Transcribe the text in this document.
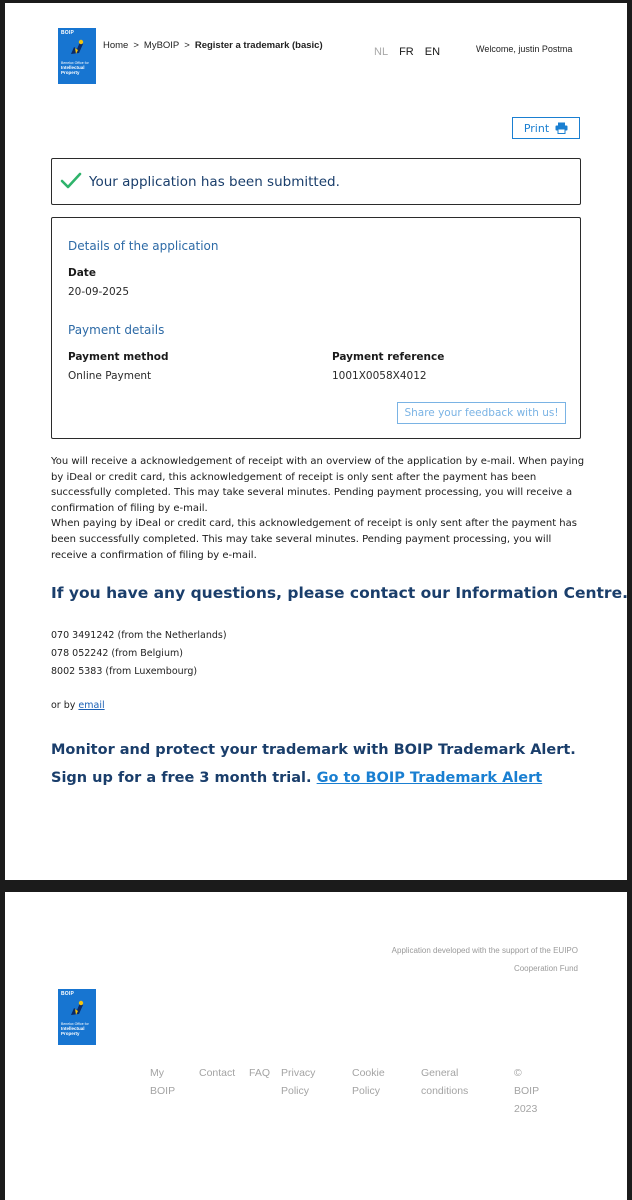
BOIP
Benelux Office for
Intellectual
Property
Home > MyBOIP > Register a trademark (basic)
NL FR EN	Welcome, justin Postma
Print
Your application has been submitted.
Details of the application
Date
20-09-2025
Payment details
Payment method
Online Payment
Payment reference
1001X0058X4012
Share your feedback with us!

You will receive a acknowledgement of receipt with an overview of the application by e-mail. When paying by iDeal or credit card, this acknowledgement of receipt is only sent after the payment has been successfully completed. This may take several minutes. Pending payment processing, you will receive a confirmation of filing by e-mail.

When paying by iDeal or credit card, this acknowledgement of receipt is only sent after the payment has been successfully completed. This may take several minutes. Pending payment processing, you will receive a confirmation of filing by e-mail.

If you have any questions, please contact our Information Centre.
070 3491242 (from the Netherlands)
078 052242 (from Belgium)
8002 5383 (from Luxembourg)
or by email
Monitor and protect your trademark with BOIP Trademark Alert.
Sign up for a free 3 month trial. Go to BOIP Trademark Alert
Application developed with the support of the EUIPO
Cooperation Fund
BOIP
Benelux Office for
Intellectual
Property
My
BOIP
Contact FAQ Privacy
Policy
Cookie
Policy
General
conditions
© BOIP
2023
